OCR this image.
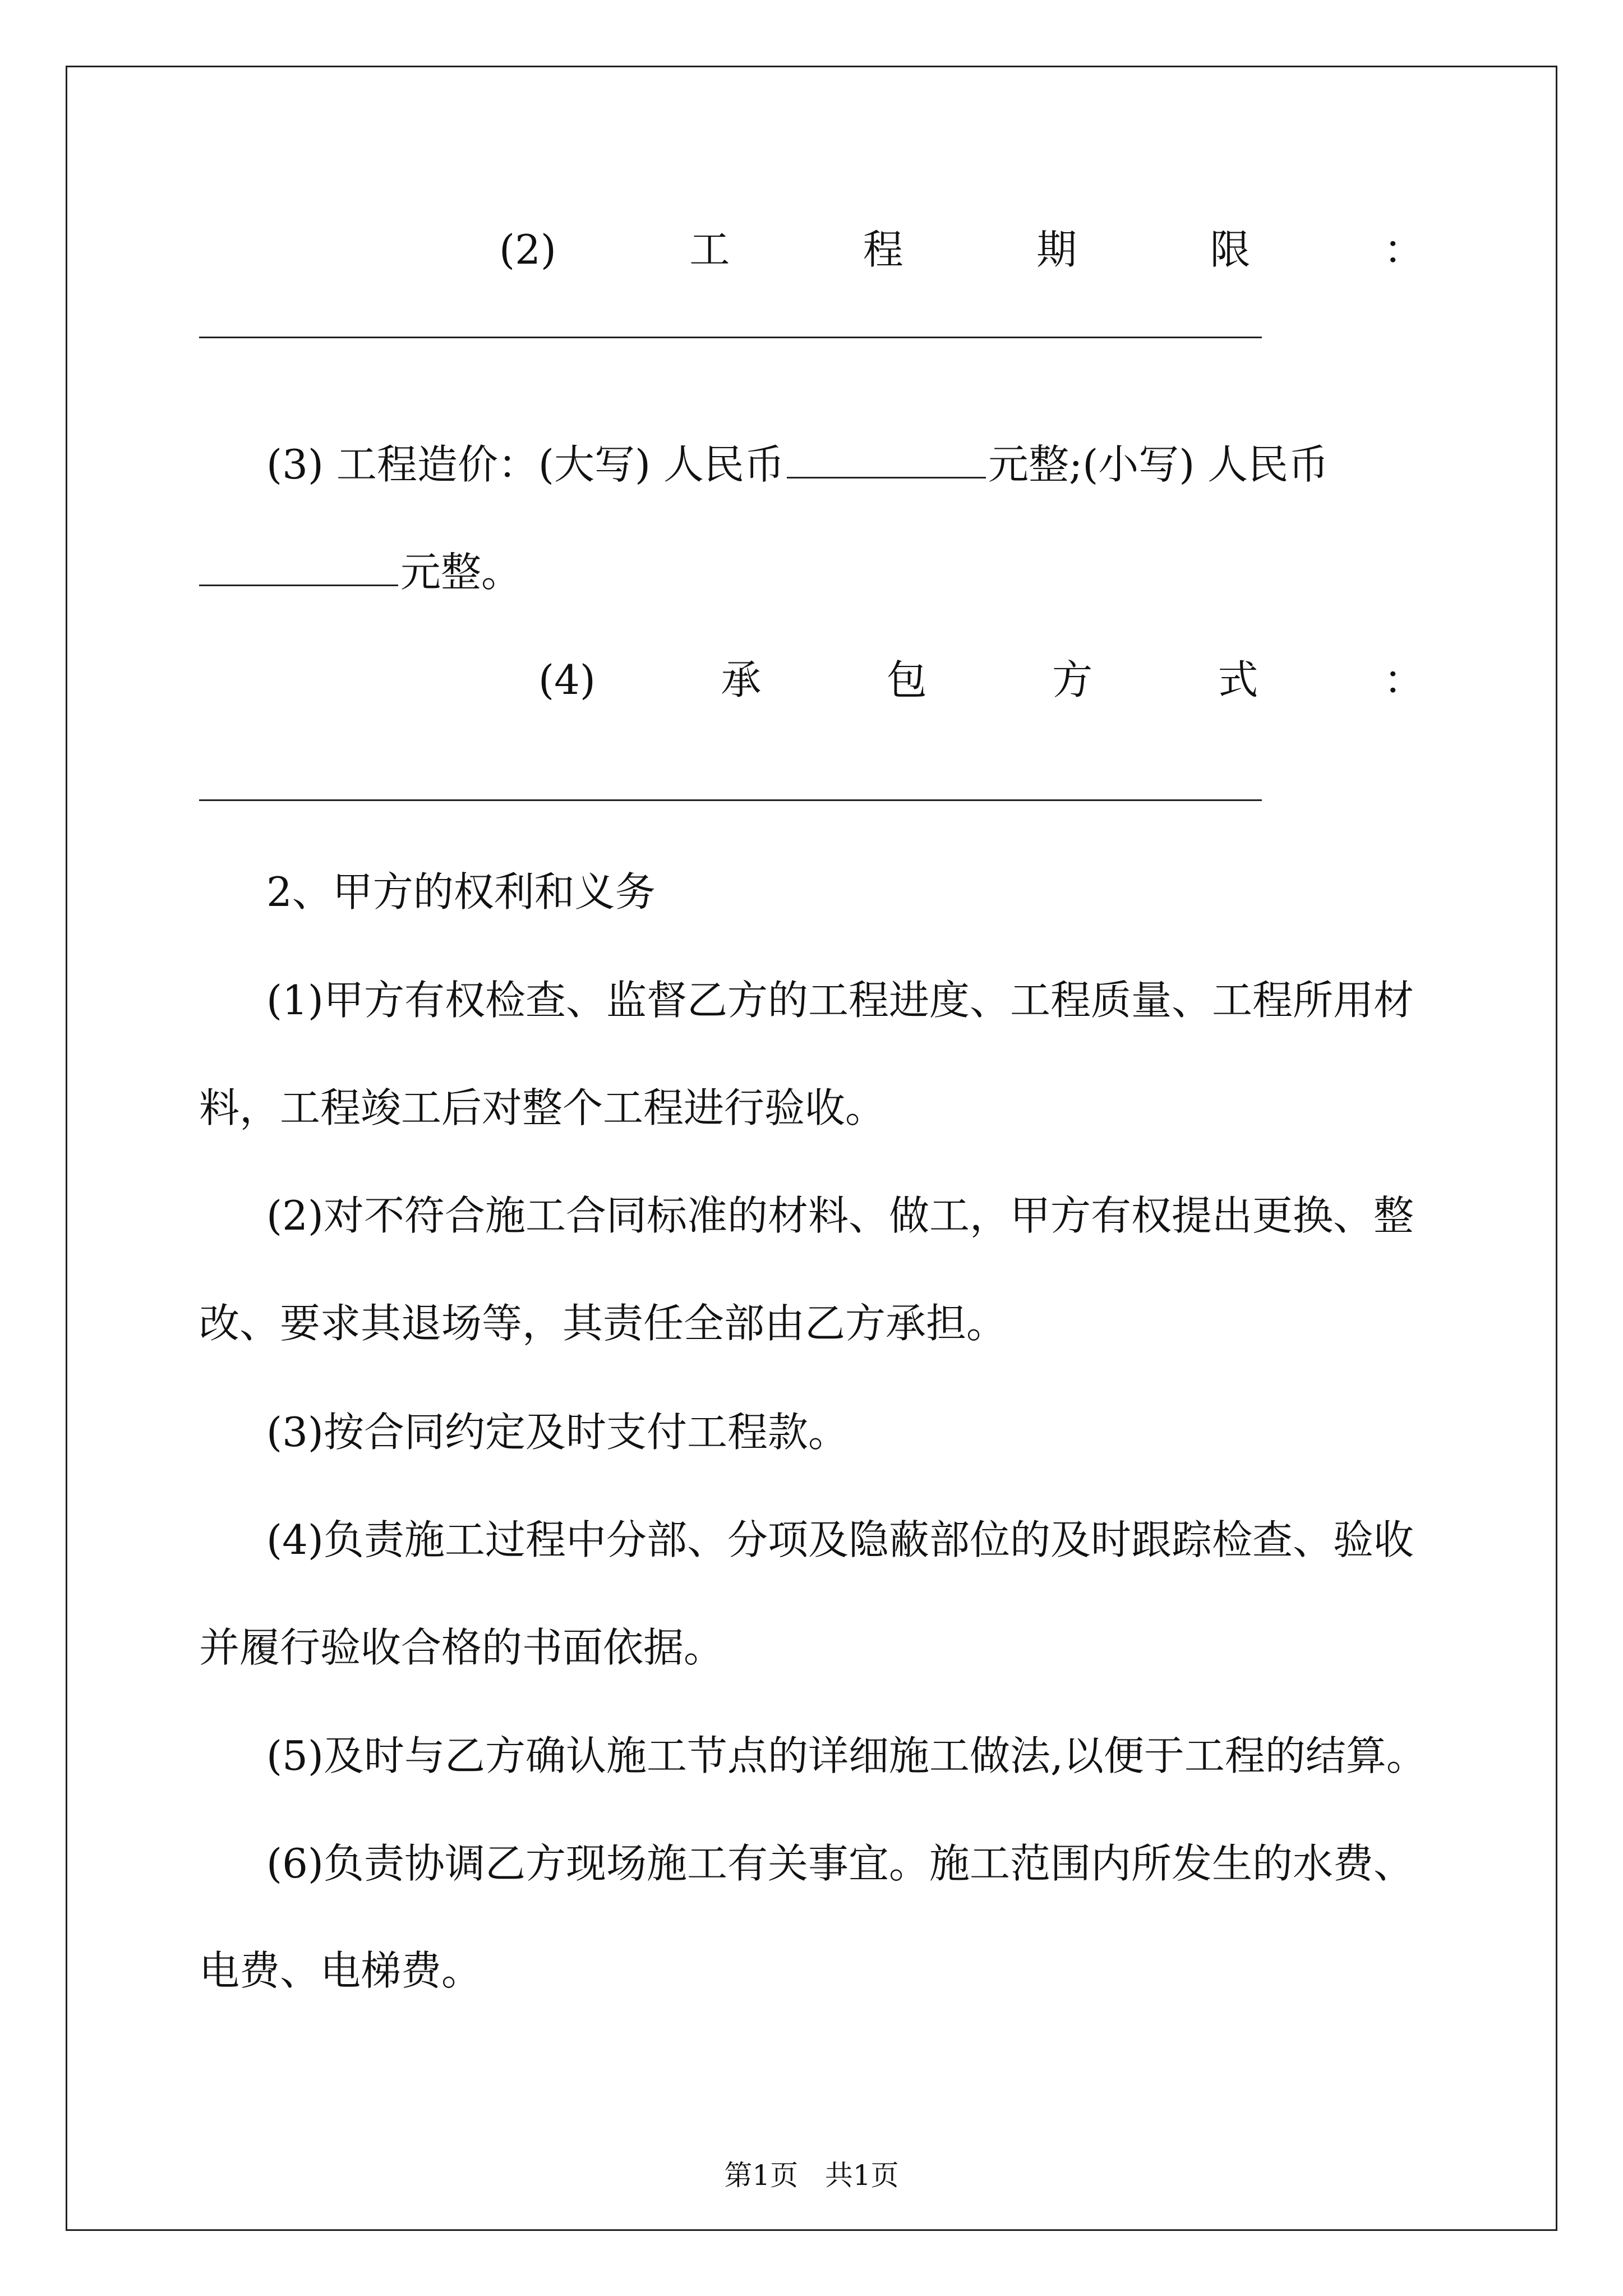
(2)	工	程	期	限	：
(3) 工程造价：(大写) 人民币	元整;(小写) 人民币
元整。
(4)	承	包	方	式	：
2、甲方的权利和义务
(1)甲方有权检查、监督乙方的工程进度、工程质量、工程所用材
料，工程竣工后对整个工程进行验收。
(2)对不符合施工合同标准的材料、做工，甲方有权提出更换、整
改、要求其退场等，其责任全部由乙方承担。
(3)按合同约定及时支付工程款。
(4)负责施工过程中分部、分项及隐蔽部位的及时跟踪检查、验收
并履行验收合格的书面依据。
(5)及时与乙方确认施工节点的详细施工做法,以便于工程的结算。
(6)负责协调乙方现场施工有关事宜。施工范围内所发生的水费、
电费、电梯费。
第1页   共1页
